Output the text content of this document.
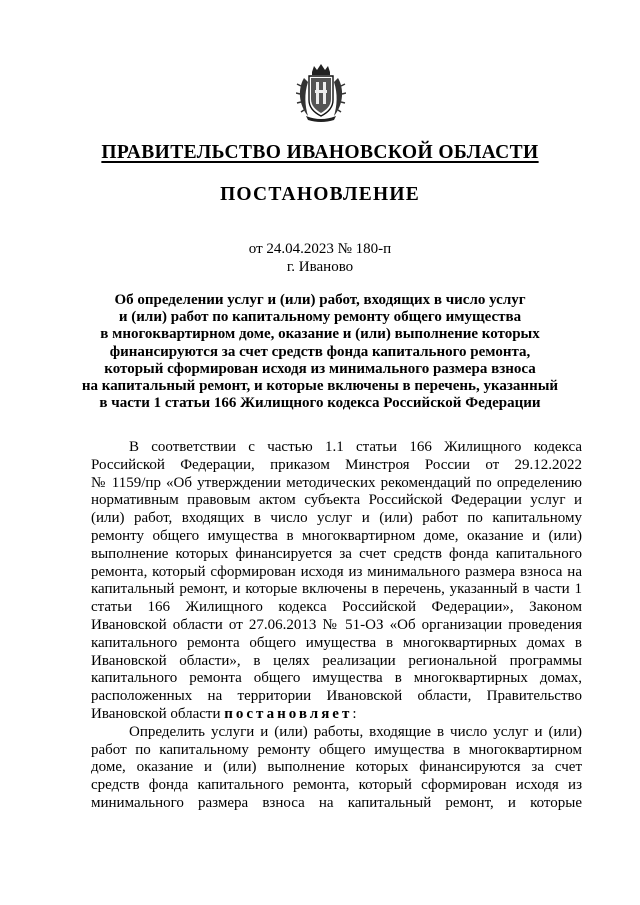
ПРАВИТЕЛЬСТВО ИВАНОВСКОЙ ОБЛАСТИ
ПОСТАНОВЛЕНИЕ
от 24.04.2023 № 180-п
г. Иваново
Об определении услуг и (или) работ, входящих в число услуг
и (или) работ по капитальному ремонту общего имущества
в многоквартирном доме, оказание и (или) выполнение которых
финансируются за счет средств фонда капитального ремонта,
который сформирован исходя из минимального размера взноса
на капитальный ремонт, и которые включены в перечень, указанный
в части 1 статьи 166 Жилищного кодекса Российской Федерации
В соответствии с частью 1.1 статьи 166 Жилищного кодекса
Российской Федерации, приказом Минстроя России от 29.12.2022
№ 1159/пр «Об утверждении методических рекомендаций по определению
нормативным правовым актом субъекта Российской Федерации услуг и
(или) работ, входящих в число услуг и (или) работ по капитальному
ремонту общего имущества в многоквартирном доме, оказание и (или)
выполнение которых финансируется за счет средств фонда капитального
ремонта, который сформирован исходя из минимального размера взноса на
капитальный ремонт, и которые включены в перечень, указанный в части 1
статьи 166 Жилищного кодекса Российской Федерации», Законом
Ивановской области от 27.06.2013 № 51-ОЗ «Об организации проведения
капитального ремонта общего имущества в многоквартирных домах в
Ивановской области», в целях реализации региональной программы
капитального ремонта общего имущества в многоквартирных домах,
расположенных на территории Ивановской области, Правительство
Ивановской области постановляет:
Определить услуги и (или) работы, входящие в число услуг и (или)
работ по капитальному ремонту общего имущества в многоквартирном
доме, оказание и (или) выполнение которых финансируются за счет
средств фонда капитального ремонта, который сформирован исходя из
минимального размера взноса на капитальный ремонт, и которые
